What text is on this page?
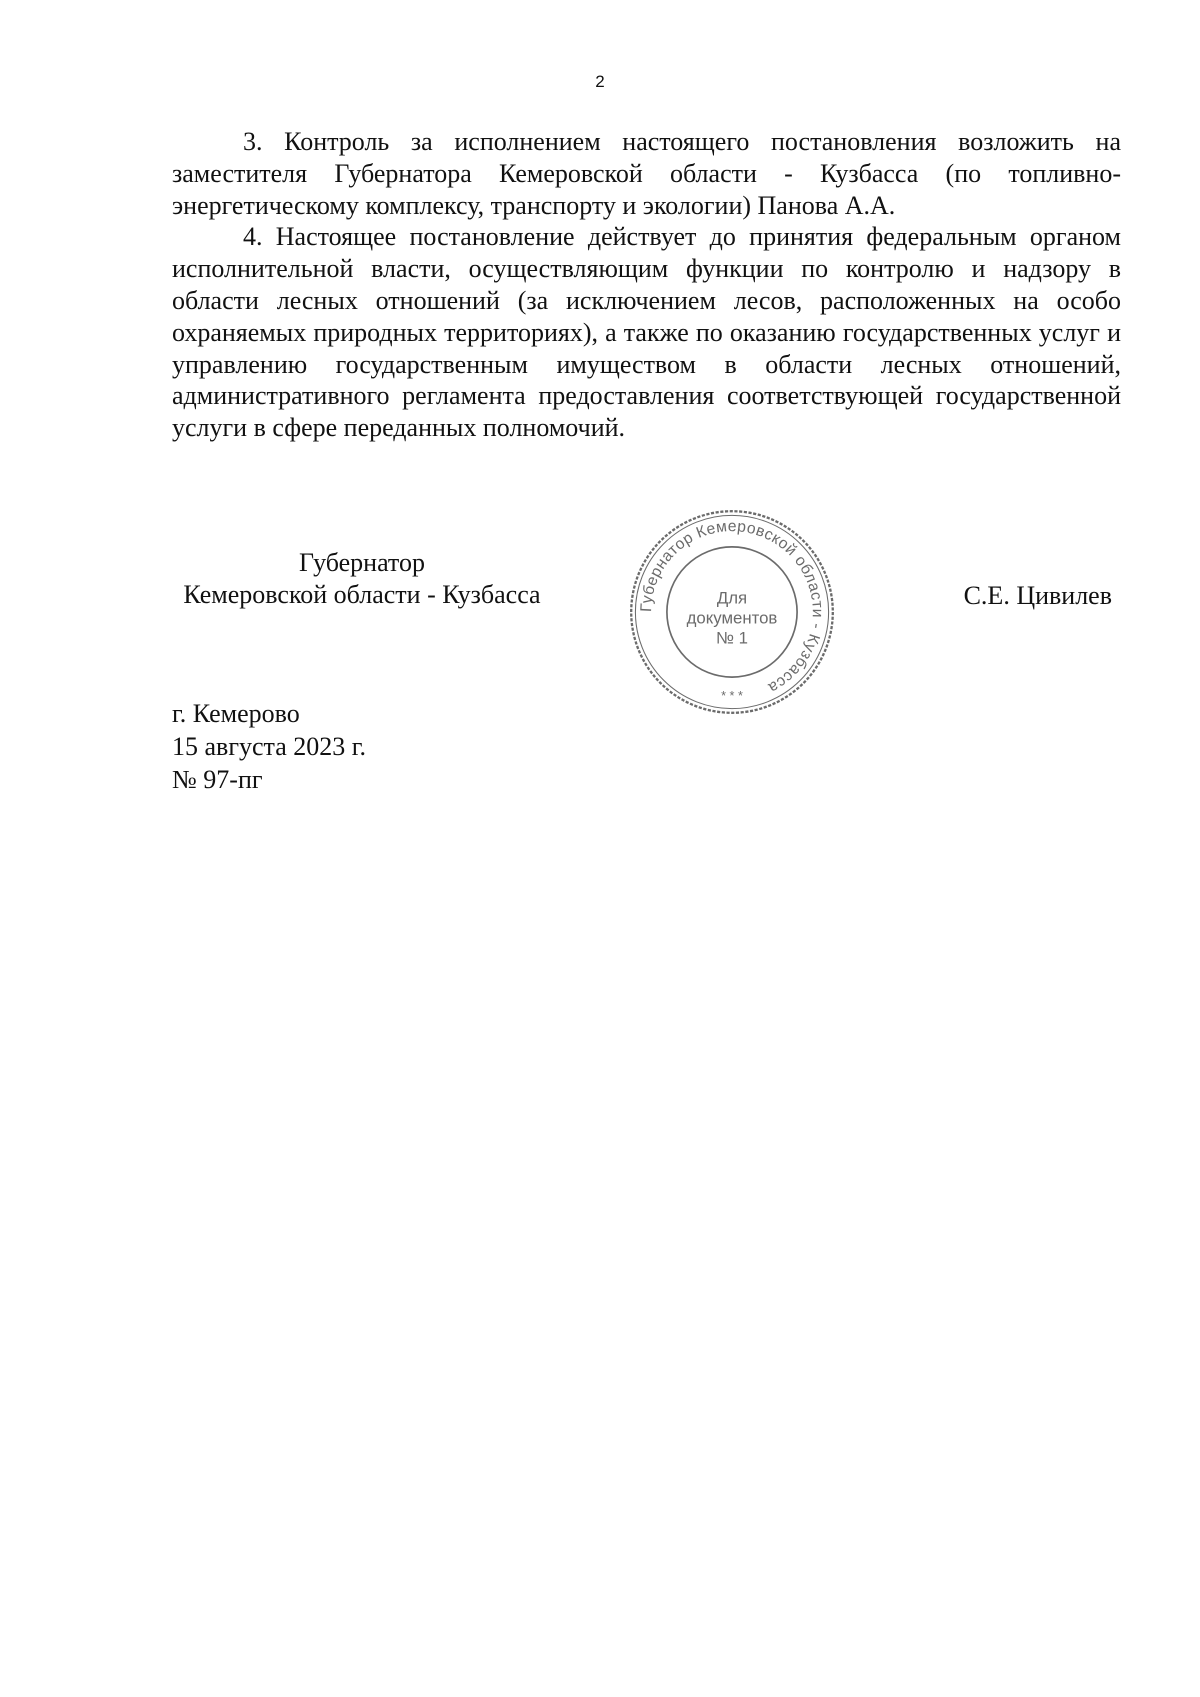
2

3. Контроль за исполнением настоящего постановления возложить на заместителя Губернатора Кемеровской области - Кузбасса (по топливно-энергетическому комплексу, транспорту и экологии) Панова А.А.

4. Настоящее постановление действует до принятия федеральным органом исполнительной власти, осуществляющим функции по контролю и надзору в области лесных отношений (за исключением лесов, расположенных на особо охраняемых природных территориях), а также по оказанию государственных услуг и управлению государственным имуществом в области лесных отношений, административного регламента предоставления соответствующей государственной услуги в сфере переданных полномочий.

Губернатор
Кемеровской области - Кузбасса	Губернатор Кемеровской области - Кузбасса
Для
документов
№ 1
* * *
С.Е. Цивилев
г. Кемерово
15 августа 2023 г.
№ 97-пг
